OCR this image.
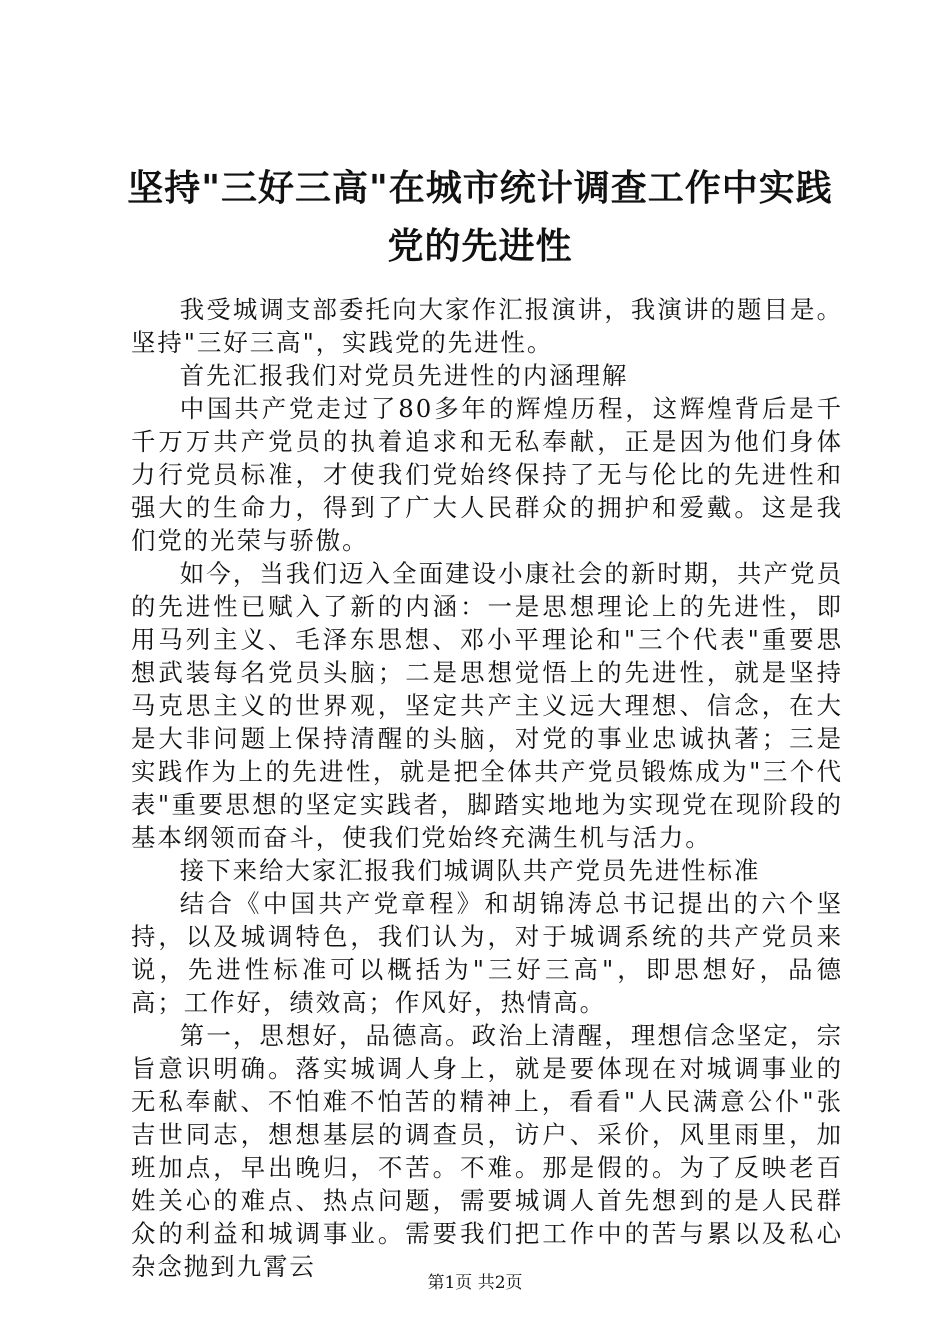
坚持"三好三高"在城市统计调查工作中实践党的先进性

我受城调支部委托向大家作汇报演讲，我演讲的题目是。坚持"三好三高"，实践党的先进性。

首先汇报我们对党员先进性的内涵理解

中国共产党走过了80多年的辉煌历程，这辉煌背后是千千万万共产党员的执着追求和无私奉献，正是因为他们身体力行党员标准，才使我们党始终保持了无与伦比的先进性和强大的生命力，得到了广大人民群众的拥护和爱戴。这是我们党的光荣与骄傲。

如今，当我们迈入全面建设小康社会的新时期，共产党员的先进性已赋入了新的内涵：一是思想理论上的先进性，即用马列主义、毛泽东思想、邓小平理论和"三个代表"重要思想武装每名党员头脑；二是思想觉悟上的先进性，就是坚持马克思主义的世界观，坚定共产主义远大理想、信念，在大是大非问题上保持清醒的头脑，对党的事业忠诚执著；三是实践作为上的先进性，就是把全体共产党员锻炼成为"三个代表"重要思想的坚定实践者，脚踏实地地为实现党在现阶段的基本纲领而奋斗，使我们党始终充满生机与活力。

接下来给大家汇报我们城调队共产党员先进性标准

结合《中国共产党章程》和胡锦涛总书记提出的六个坚持，以及城调特色，我们认为，对于城调系统的共产党员来说，先进性标准可以概括为"三好三高"，即思想好，品德高；工作好，绩效高；作风好，热情高。

第一，思想好，品德高。政治上清醒，理想信念坚定，宗旨意识明确。落实城调人身上，就是要体现在对城调事业的无私奉献、不怕难不怕苦的精神上，看看"人民满意公仆"张吉世同志，想想基层的调查员，访户、采价，风里雨里，加班加点，早出晚归，不苦。不难。那是假的。为了反映老百姓关心的难点、热点问题，需要城调人首先想到的是人民群众的利益和城调事业。需要我们把工作中的苦与累以及私心杂念抛到九霄云

第1页 共2页
